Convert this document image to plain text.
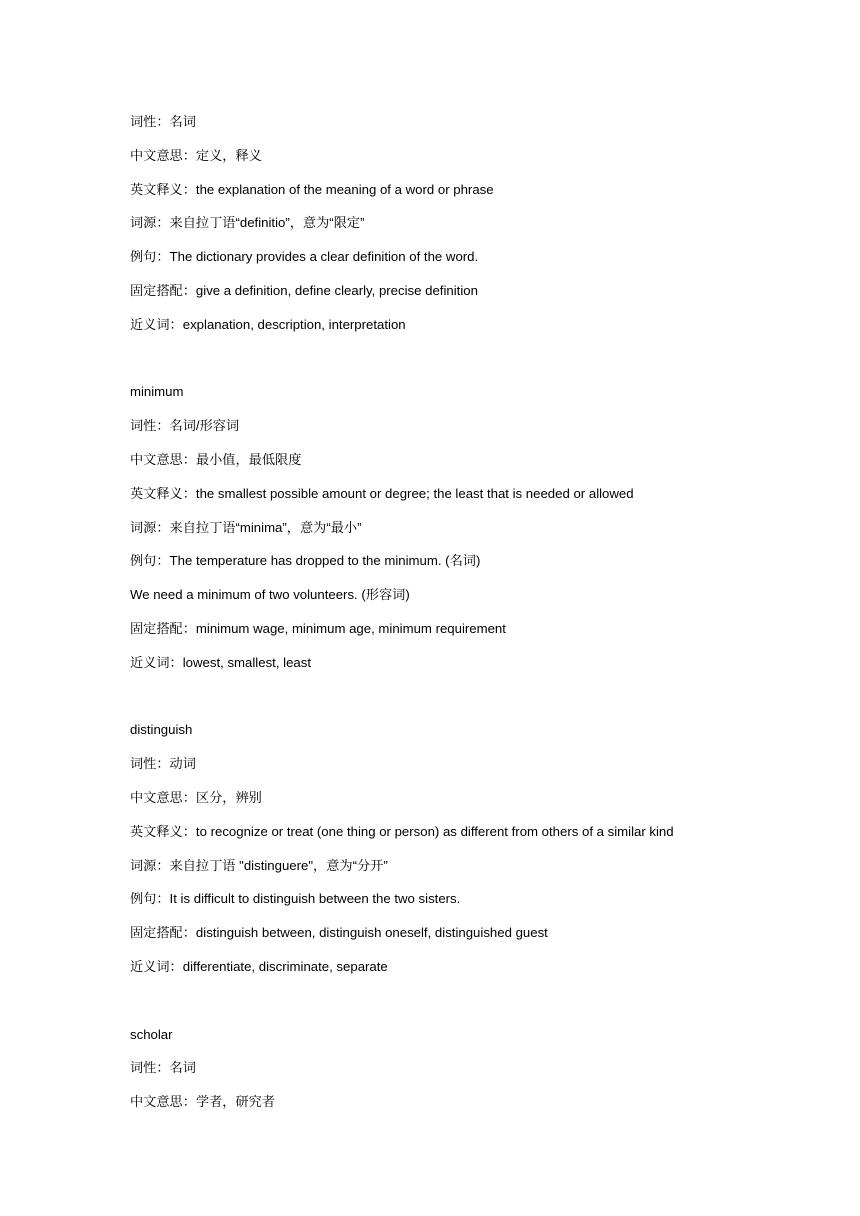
词性：名词
中文意思：定义，释义
英文释义：the explanation of the meaning of a word or phrase
词源：来自拉丁语“definitio”，意为“限定”
例句：The dictionary provides a clear definition of the word.
固定搭配：give a definition, define clearly, precise definition
近义词：explanation, description, interpretation
minimum
词性：名词/形容词
中文意思：最小值，最低限度
英文释义：the smallest possible amount or degree; the least that is needed or allowed
词源：来自拉丁语“minima”，意为“最小”
例句：The temperature has dropped to the minimum. (名词)
We need a minimum of two volunteers. (形容词)
固定搭配：minimum wage, minimum age, minimum requirement
近义词：lowest, smallest, least
distinguish
词性：动词
中文意思：区分，辨别
英文释义：to recognize or treat (one thing or person) as different from others of a similar kind
词源：来自拉丁语 "distinguere"，意为“分开”
例句：It is difficult to distinguish between the two sisters.
固定搭配：distinguish between, distinguish oneself, distinguished guest
近义词：differentiate, discriminate, separate
scholar
词性：名词
中文意思：学者，研究者
